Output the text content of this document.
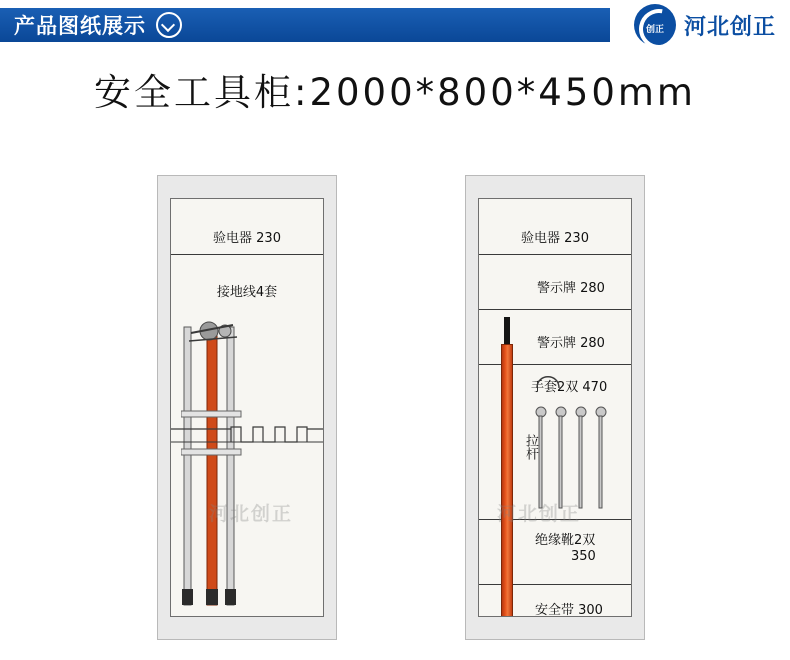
产品图纸展示	创正 河北创正
安全工具柜:2000*800*450mm
验电器 230
接地线4套
河北创正
验电器 230
警示牌 280
警示牌 280
手套2双 470
绝缘靴2双
350
安全带 300
拉杆
河北创正
